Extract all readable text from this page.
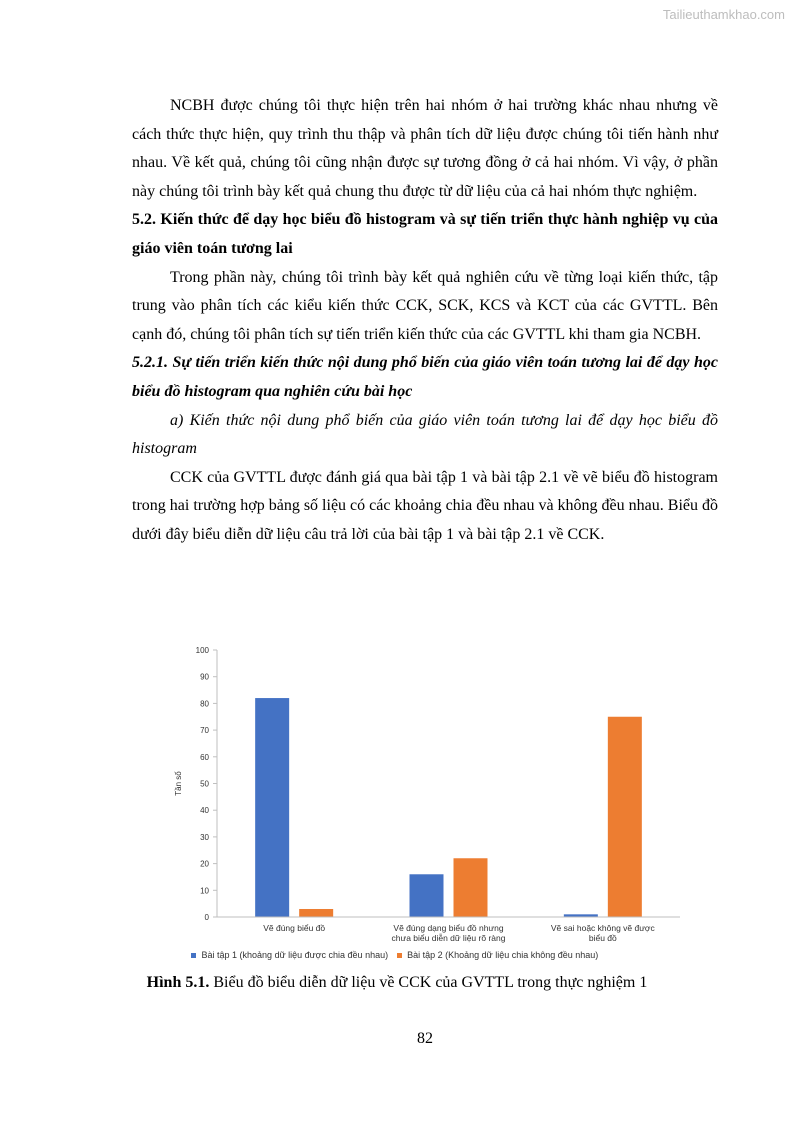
Tailieuthamkhao.com

NCBH được chúng tôi thực hiện trên hai nhóm ở hai trường khác nhau nhưng về cách thức thực hiện, quy trình thu thập và phân tích dữ liệu được chúng tôi tiến hành như nhau. Về kết quả, chúng tôi cũng nhận được sự tương đồng ở cả hai nhóm. Vì vậy, ở phần này chúng tôi trình bày kết quả chung thu được từ dữ liệu của cả hai nhóm thực nghiệm.

5.2. Kiến thức để dạy học biểu đồ histogram và sự tiến triển thực hành nghiệp vụ của giáo viên toán tương lai

Trong phần này, chúng tôi trình bày kết quả nghiên cứu về từng loại kiến thức, tập trung vào phân tích các kiểu kiến thức CCK, SCK, KCS và KCT của các GVTTL. Bên cạnh đó, chúng tôi phân tích sự tiến triển kiến thức của các GVTTL khi tham gia NCBH.

5.2.1. Sự tiến triển kiến thức nội dung phổ biến của giáo viên toán tương lai để dạy học biểu đồ histogram qua nghiên cứu bài học

a) Kiến thức nội dung phổ biến của giáo viên toán tương lai để dạy học biểu đồ histogram

CCK của GVTTL được đánh giá qua bài tập 1 và bài tập 2.1 về vẽ biểu đồ histogram trong hai trường hợp bảng số liệu có các khoảng chia đều nhau và không đều nhau. Biểu đồ dưới đây biểu diễn dữ liệu câu trả lời của bài tập 1 và bài tập 2.1 về CCK.

0
10
20
30
40
50
60
70
80
90
100
Tần số
Vẽ đúng biểu đồ	Vẽ đúng dạng biểu đồ nhưng
chưa biểu diễn dữ liệu rõ ràng
Vẽ sai hoặc không vẽ được
biểu đồ
Bài tập 1 (khoảng dữ liệu được chia đều nhau) Bài tập 2 (Khoảng dữ liệu chia không đều nhau)
Hình 5.1. Biểu đồ biểu diễn dữ liệu về CCK của GVTTL trong thực nghiệm 1
82
